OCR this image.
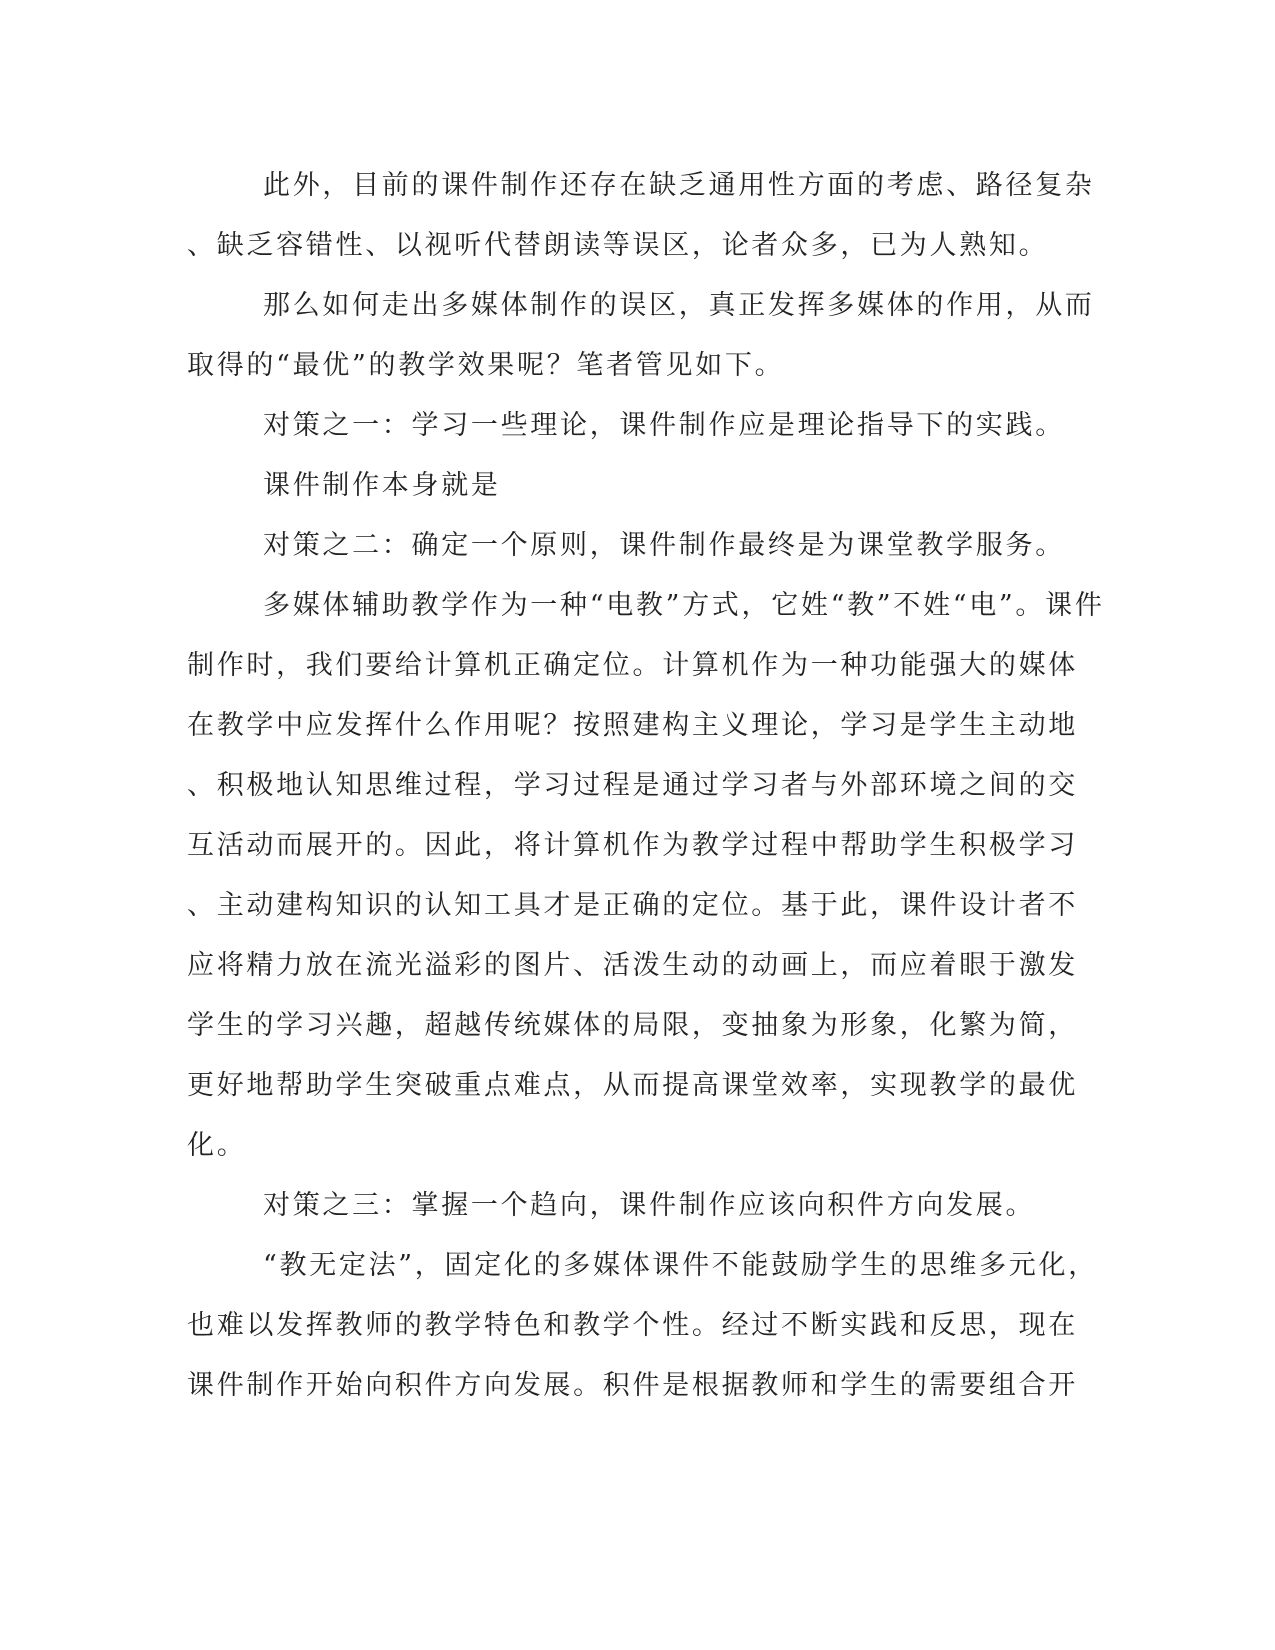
此外，目前的课件制作还存在缺乏通用性方面的考虑、路径复杂
、缺乏容错性、以视听代替朗读等误区，论者众多，已为人熟知。
那么如何走出多媒体制作的误区，真正发挥多媒体的作用，从而
取得的“最优”的教学效果呢？笔者管见如下。
对策之一：学习一些理论，课件制作应是理论指导下的实践。
课件制作本身就是
对策之二：确定一个原则，课件制作最终是为课堂教学服务。
多媒体辅助教学作为一种“电教”方式，它姓“教”不姓“电”。课件
制作时，我们要给计算机正确定位。计算机作为一种功能强大的媒体
在教学中应发挥什么作用呢？按照建构主义理论，学习是学生主动地
、积极地认知思维过程，学习过程是通过学习者与外部环境之间的交
互活动而展开的。因此，将计算机作为教学过程中帮助学生积极学习
、主动建构知识的认知工具才是正确的定位。基于此，课件设计者不
应将精力放在流光溢彩的图片、活泼生动的动画上，而应着眼于激发
学生的学习兴趣，超越传统媒体的局限，变抽象为形象，化繁为简，
更好地帮助学生突破重点难点，从而提高课堂效率，实现教学的最优
化。
对策之三：掌握一个趋向，课件制作应该向积件方向发展。
“教无定法”，固定化的多媒体课件不能鼓励学生的思维多元化，
也难以发挥教师的教学特色和教学个性。经过不断实践和反思，现在
课件制作开始向积件方向发展。积件是根据教师和学生的需要组合开
